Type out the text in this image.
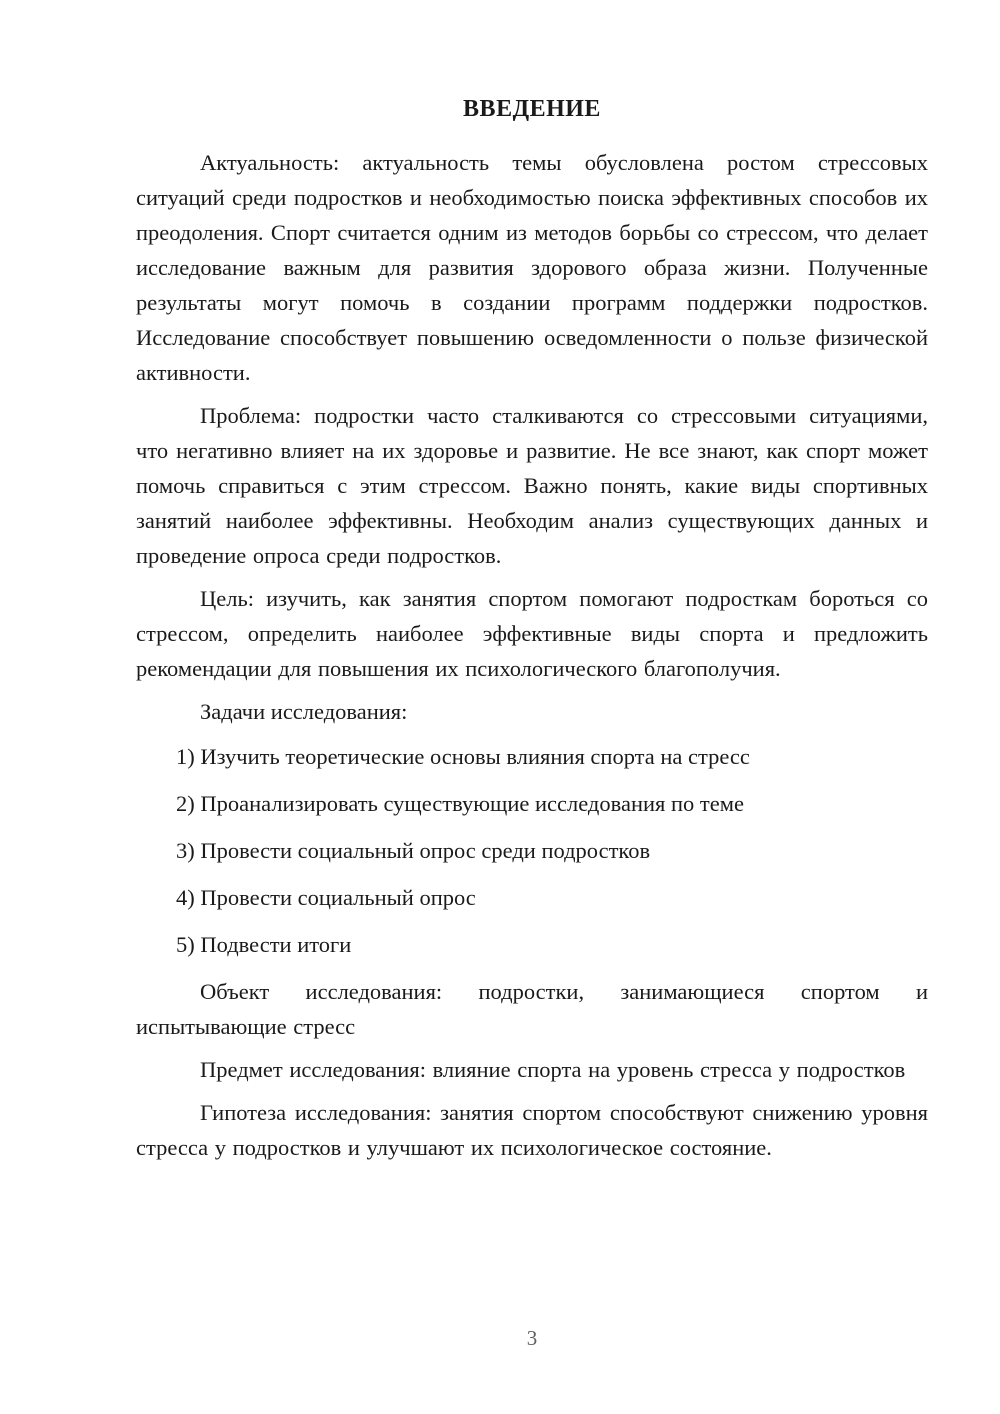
ВВЕДЕНИЕ

Актуальность: актуальность темы обусловлена ростом стрессовых ситуаций среди подростков и необходимостью поиска эффективных способов их преодоления. Спорт считается одним из методов борьбы со стрессом, что делает исследование важным для развития здорового образа жизни. Полученные результаты могут помочь в создании программ поддержки подростков. Исследование способствует повышению осведомленности о пользе физической активности.

Проблема: подростки часто сталкиваются со стрессовыми ситуациями, что негативно влияет на их здоровье и развитие. Не все знают, как спорт может помочь справиться с этим стрессом. Важно понять, какие виды спортивных занятий наиболее эффективны. Необходим анализ существующих данных и проведение опроса среди подростков.

Цель: изучить, как занятия спортом помогают подросткам бороться со стрессом, определить наиболее эффективные виды спорта и предложить рекомендации для повышения их психологического благополучия.

Задачи исследования:

1) Изучить теоретические основы влияния спорта на стресс

2) Проанализировать существующие исследования по теме

3) Провести социальный опрос среди подростков

4) Провести социальный опрос

5) Подвести итоги

Объект исследования: подростки, занимающиеся спортом и испытывающие стресс

Предмет исследования: влияние спорта на уровень стресса у подростков

Гипотеза исследования: занятия спортом способствуют снижению уровня стресса у подростков и улучшают их психологическое состояние.

3
